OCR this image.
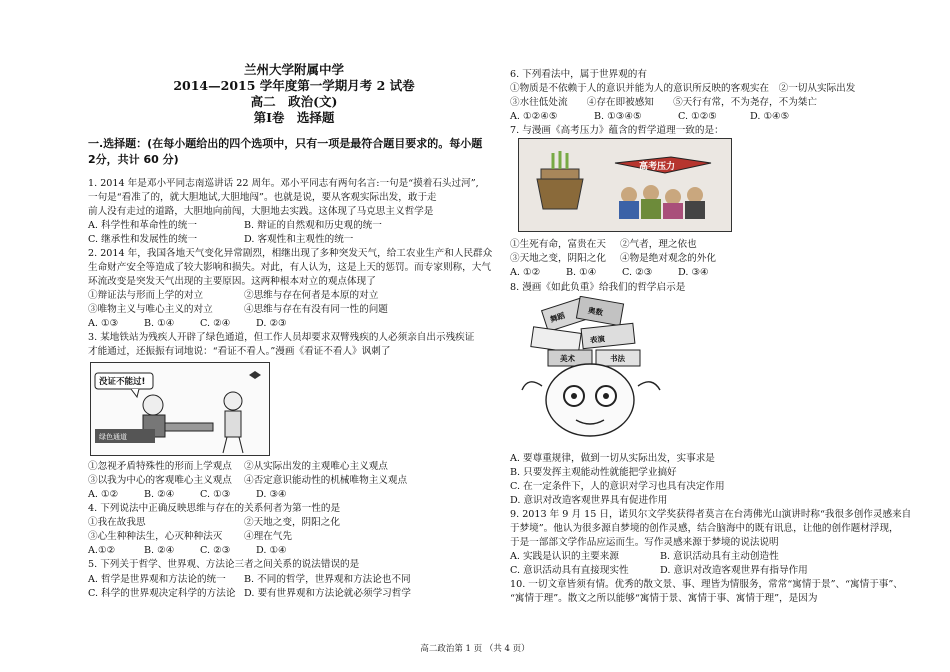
兰州大学附属中学
2014—2015 学年度第一学期月考 2 试卷
高二　政治(文)
第Ⅰ卷　选择题
一.选择题：(在每小题给出的四个选项中，只有一项是最符合题目要求的。每小题
2分，共计 60 分)
1. 2014 年是邓小平同志南巡讲话 22 周年。邓小平同志有两句名言:一句是“摸着石头过河”,
一句是“看准了的，就大胆地试,大胆地闯”。也就是说，要从客观实际出发，敢于走
前人没有走过的道路，大胆地向前闯，大胆地去实践。这体现了马克思主义哲学是
A. 科学性和革命性的统一	B. 辩证的自然观和历史观的统一
C. 继承性和发展性的统一	D. 客观性和主观性的统一
2. 2014 年，我国各地天气变化异常剧烈，相继出现了多种突发天气，给工农业生产和人民群众
生命财产安全等造成了较大影响和损失。对此，有人认为，这是上天的惩罚。而专家则称，大气
环流改变是突发天气出现的主要原因。这两种根本对立的观点体现了
①辩证法与形而上学的对立	②思维与存在何者是本原的对立
③唯物主义与唯心主义的对立	④思维与存在有没有同一性的问题
A. ①③	B. ①④	C. ②④	D. ②③
3. 某地铁站为残疾人开辟了绿色通道，但工作人员却要求双臂残疾的人必须亲自出示残疾证
才能通过，还振振有词地说：“看证不看人。”漫画《看证不看人》讽刺了
没证不能过!
绿色通道
①忽视矛盾特殊性的形而上学观点 ②从实际出发的主观唯心主义观点
③以我为中心的客观唯心主义观点 ④否定意识能动性的机械唯物主义观点
A. ①②	B. ②④	C. ①③	D. ③④
4. 下列说法中正确反映思维与存在的关系何者为第一性的是
①我在故我思	②天地之变，阴阳之化
③心生种种法生，心灭种种法灭 ④理在气先
A.①②	B. ②④	C. ②③	D. ①④
5. 下列关于哲学、世界观、方法论三者之间关系的说法错误的是
A. 哲学是世界观和方法论的统一 B. 不同的哲学，世界观和方法论也不同
C. 科学的世界观决定科学的方法论 D. 要有世界观和方法论就必须学习哲学
6. 下列看法中，属于世界观的有
①物质是不依赖于人的意识并能为人的意识所反映的客观实在　②一切从实际出发
③水往低处流　　④存在即被感知　　⑤天行有常，不为尧存，不为桀亡
A. ①②④⑤	B. ①③④⑤	C. ①②⑤	D. ①④⑤
7. 与漫画《高考压力》蕴含的哲学道理一致的是：
高考压力
①生死有命，富贵在天 ②气者，理之依也
③天地之变，阴阳之化 ④物是绝对观念的外化
A. ①②	B. ①④	C. ②③	D. ③④
8. 漫画《如此负重》给我们的哲学启示是
舞蹈
表演
书法
美术
奥数
A. 要尊重规律，做到一切从实际出发，实事求是
B. 只要发挥主观能动性就能把学业搞好
C. 在一定条件下，人的意识对学习也具有决定作用
D. 意识对改造客观世界具有促进作用
9. 2013 年 9 月 15 日，诺贝尔文学奖获得者莫言在台湾佛光山演讲时称“我很多创作灵感来自
于梦境”。他认为很多源自梦境的创作灵感，结合脑海中的既有讯息，让他的创作题材浮现，
于是一部部文学作品应运而生。写作灵感来源于梦境的说法说明
A. 实践是认识的主要来源	B. 意识活动具有主动创造性
C. 意识活动具有直接现实性	D. 意识对改造客观世界有指导作用
10. 一切文章皆须有情。优秀的散文景、事、理皆为情服务，常常“寓情于景”、“寓情于事”、
“寓情于理”。散文之所以能够“寓情于景、寓情于事、寓情于理”，是因为
高二政治第 1 页 （共 4 页）
